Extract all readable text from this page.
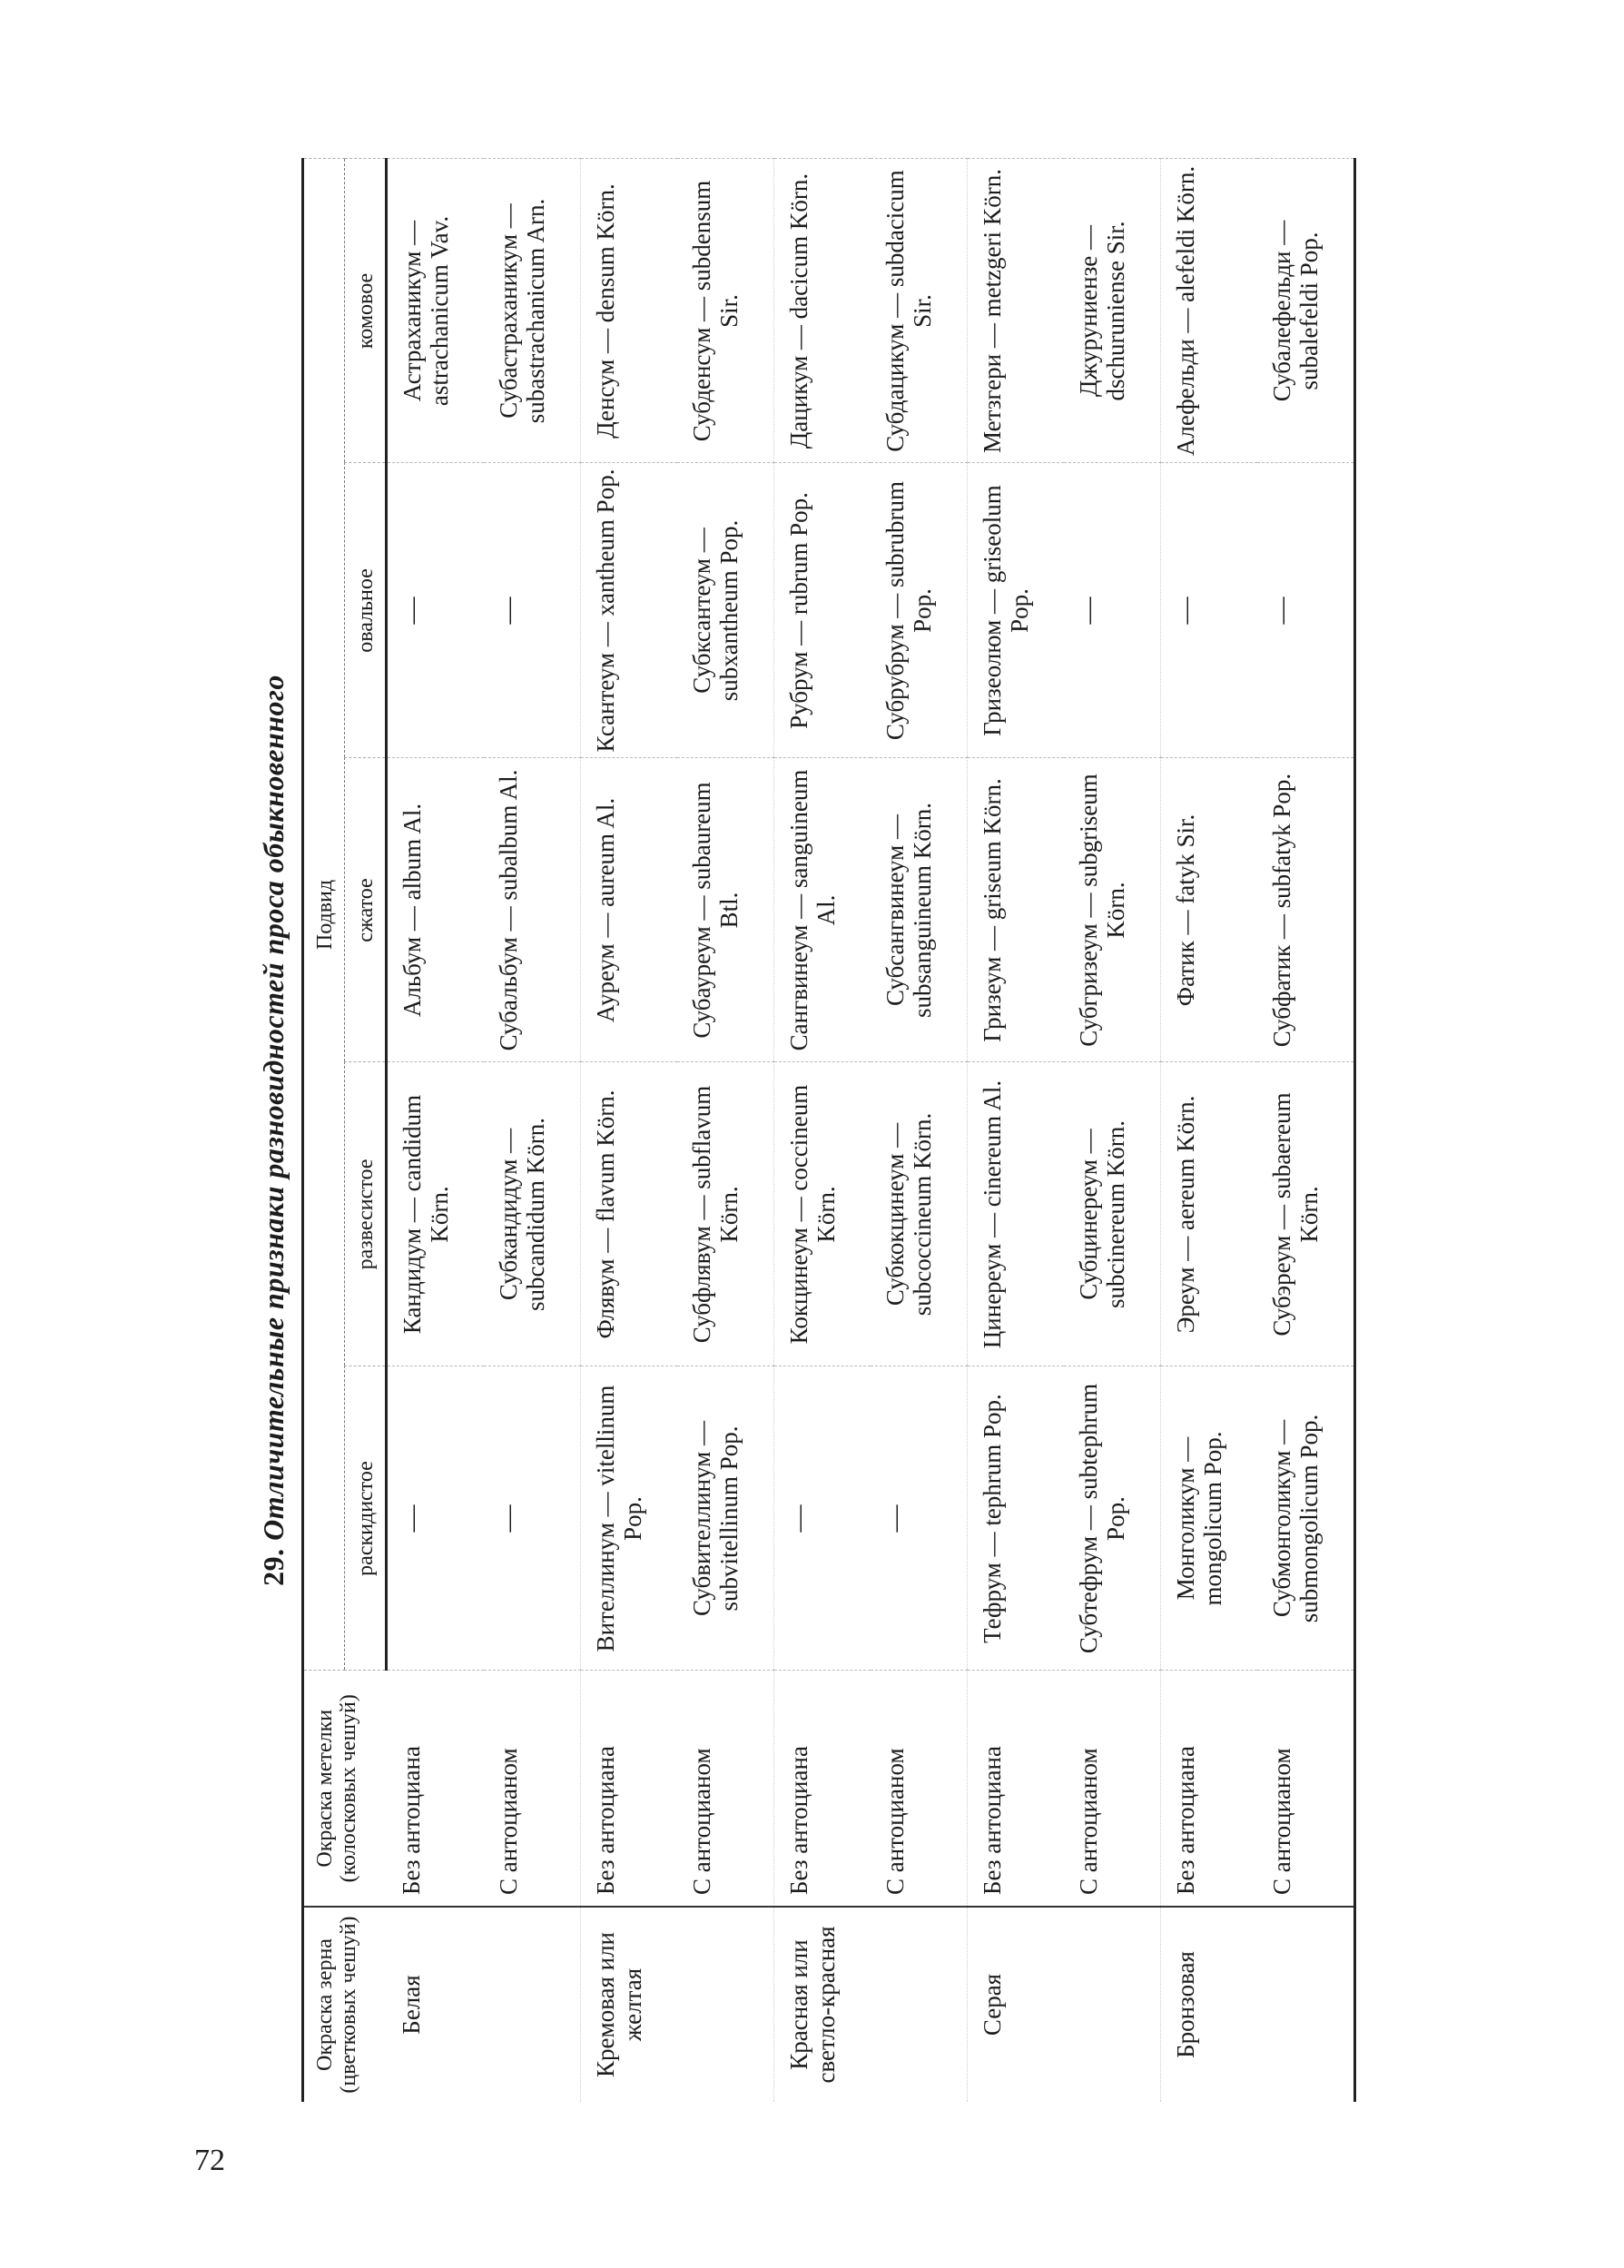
72
29. Отличительные признаки разновидностей проса обыкновенного
Окраска зерна (цветковых чешуй)	Окраска метелки (колосковых чешуй)	Подвид				
		раскидистое	развесистое	сжатое	овальное	комовое
Белая	Без антоциана	—	Кандидум — candidum Körn.	Альбум — album Al.	—	Астраханикум — astrachanicum Vav.
	С антоцианом	—	Субкандидум — subcandidum Körn.	Субальбум — subalbum Al.	—	Субастраханикум — subastrachanicum Arn.
Кремовая или желтая	Без антоциана	Вителлинум — vitellinum Pop.	Флявум — flavum Körn.	Ауреум — aureum Al.	Ксантеум — xantheum Pop.	Денсум — densum Körn.
	С антоцианом	Субвителлинум — subvitellinum Pop.	Субфлявум — subflavum Körn.	Субауреум — subaureum Btl.	Субксантеум — subxantheum Pop.	Субденсум — subdensum Sir.
Красная или светло-красная	Без антоциана	—	Кокцинеум — coccineum Körn.	Сангвинеум — sanguineum Al.	Рубрум — rubrum Pop.	Дацикум — dacicum Körn.
	С антоцианом	—	Субкокцинеум — subcoccineum Körn.	Субсангвинеум — subsanguineum Körn.	Субрубрум — subrubrum Pop.	Субдацикум — subdacicum Sir.
Серая	Без антоциана	Тефрум — tephrum Pop.	Цинереум — cinereum Al.	Гризеум — griseum Körn.	Гризеолюм — griseolum Pop.	Метзгери — metzgeri Körn.
	С антоцианом	Субтефрум — subtephrum Pop.	Субцинереум — subcinereum Körn.	Субгризеум — subgriseum Körn.	—	Джуруниензе — dschuruniense Sir.
Бронзовая	Без антоциана	Монголикум — mongolicum Pop.	Эреум — aereum Körn.	Фатик — fatyk Sir.	—	Алефельди — alefeldi Körn.
	С антоцианом	Субмонголикум — submongolicum Pop.	Субэреум — subaereum Körn.	Субфатик — subfatyk Pop.	—	Субалефельди — subalefeldi Pop.
